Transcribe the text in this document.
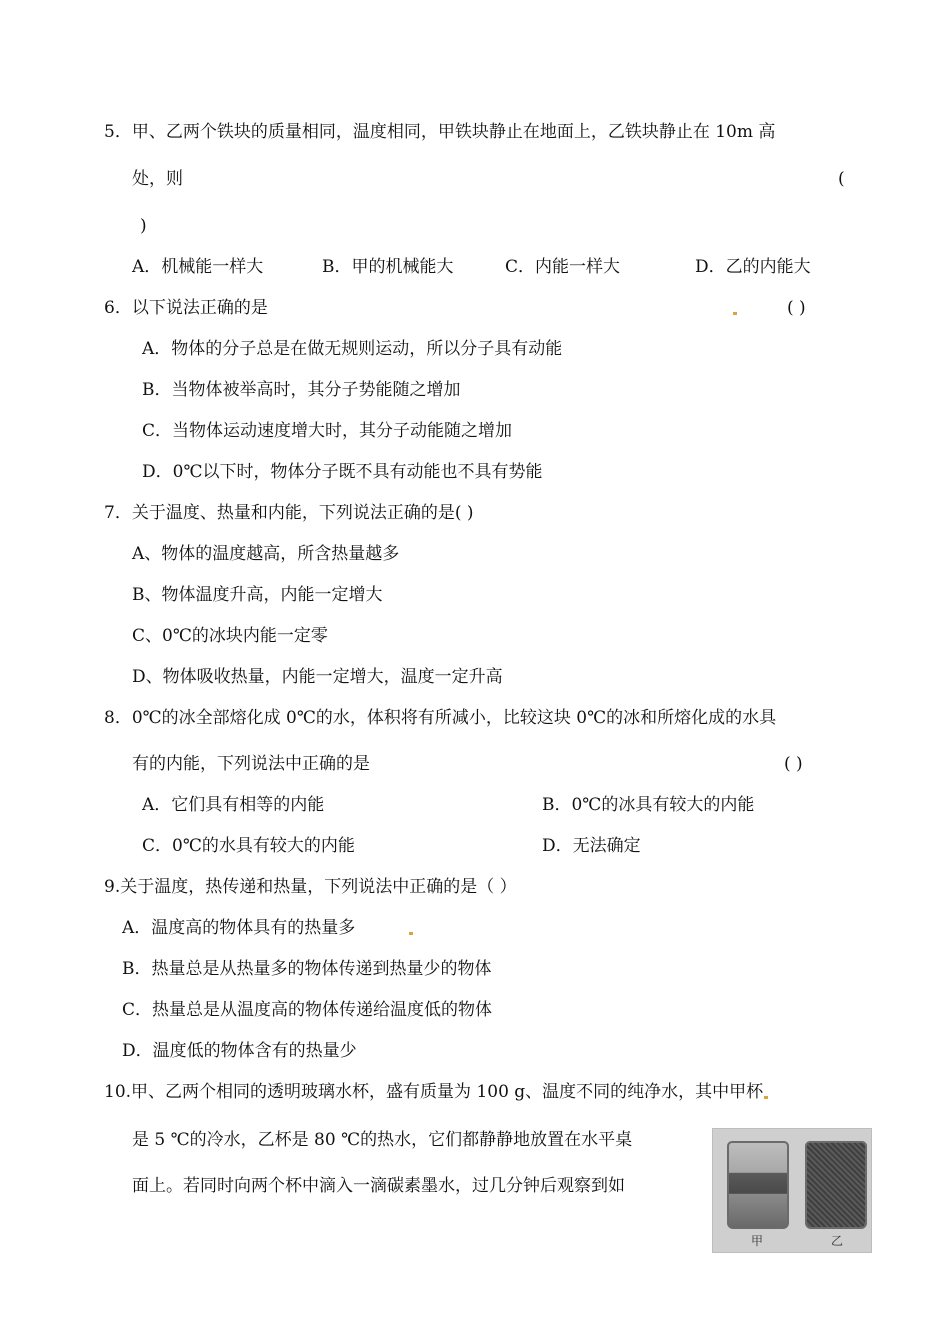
5．甲、乙两个铁块的质量相同，温度相同，甲铁块静止在地面上，乙铁块静止在 10m 高
处，则	(
)
A．机械能一样大	B．甲的机械能大	C．内能一样大	D．乙的内能大
6．以下说法正确的是	( )
A．物体的分子总是在做无规则运动，所以分子具有动能
B．当物体被举高时，其分子势能随之增加
C．当物体运动速度增大时，其分子动能随之增加
D．0℃以下时，物体分子既不具有动能也不具有势能
7．关于温度、热量和内能，下列说法正确的是( )
A、物体的温度越高，所含热量越多
B、物体温度升高，内能一定增大
C、0℃的冰块内能一定零
D、物体吸收热量，内能一定增大，温度一定升高
8．0℃的冰全部熔化成 0℃的水，体积将有所减小，比较这块 0℃的冰和所熔化成的水具
有的内能，下列说法中正确的是	( )
A．它们具有相等的内能	B．0℃的冰具有较大的内能
C．0℃的水具有较大的内能	D．无法确定
9.关于温度，热传递和热量，下列说法中正确的是（ ）
A．温度高的物体具有的热量多
B．热量总是从热量多的物体传递到热量少的物体
C．热量总是从温度高的物体传递给温度低的物体
D．温度低的物体含有的热量少
10.甲、乙两个相同的透明玻璃水杯，盛有质量为 100 g、温度不同的纯净水，其中甲杯
是 5 ℃的冷水，乙杯是 80 ℃的热水，它们都静静地放置在水平桌
面上。若同时向两个杯中滴入一滴碳素墨水，过几分钟后观察到如
甲	乙
